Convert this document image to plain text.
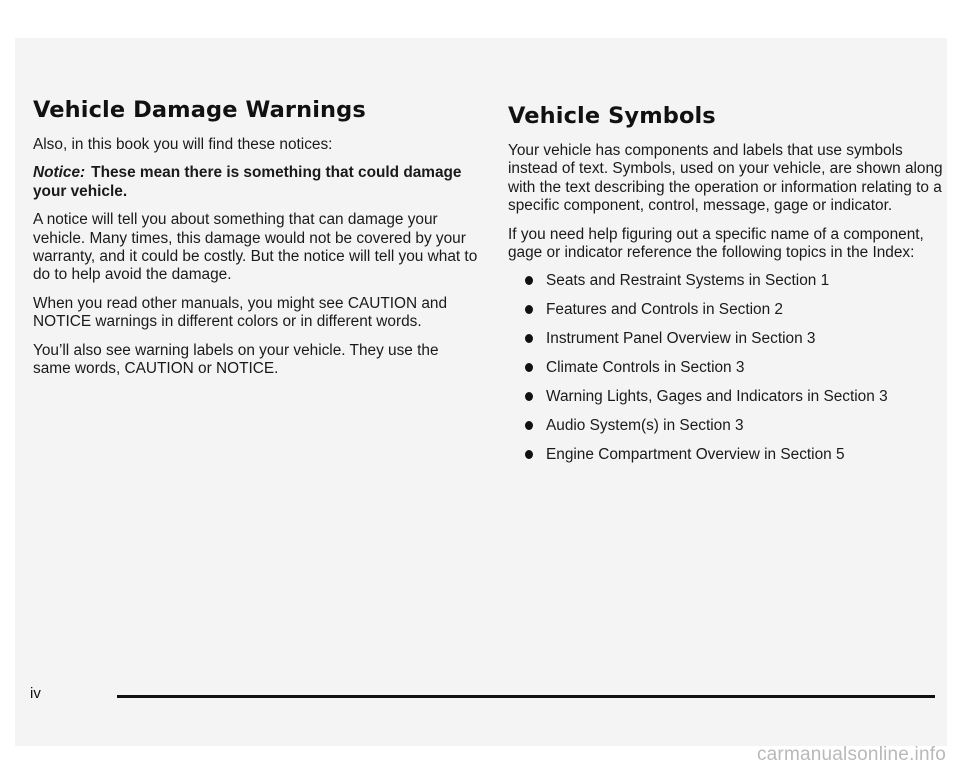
Vehicle Damage Warnings

Also, in this book you will find these notices:

Notice: These mean there is something that could damage your vehicle.

A notice will tell you about something that can damage your vehicle. Many times, this damage would not be covered by your warranty, and it could be costly. But the notice will tell you what to do to help avoid the damage.

When you read other manuals, you might see CAUTION and NOTICE warnings in different colors or in different words.

You’ll also see warning labels on your vehicle. They use the same words, CAUTION or NOTICE.

Vehicle Symbols

Your vehicle has components and labels that use symbols instead of text. Symbols, used on your vehicle, are shown along with the text describing the operation or information relating to a specific component, control, message, gage or indicator.

If you need help figuring out a specific name of a component, gage or indicator reference the following topics in the Index:

Seats and Restraint Systems in Section 1
Features and Controls in Section 2
Instrument Panel Overview in Section 3
Climate Controls in Section 3
Warning Lights, Gages and Indicators in Section 3
Audio System(s) in Section 3
Engine Compartment Overview in Section 5
iv
carmanualsonline.info
